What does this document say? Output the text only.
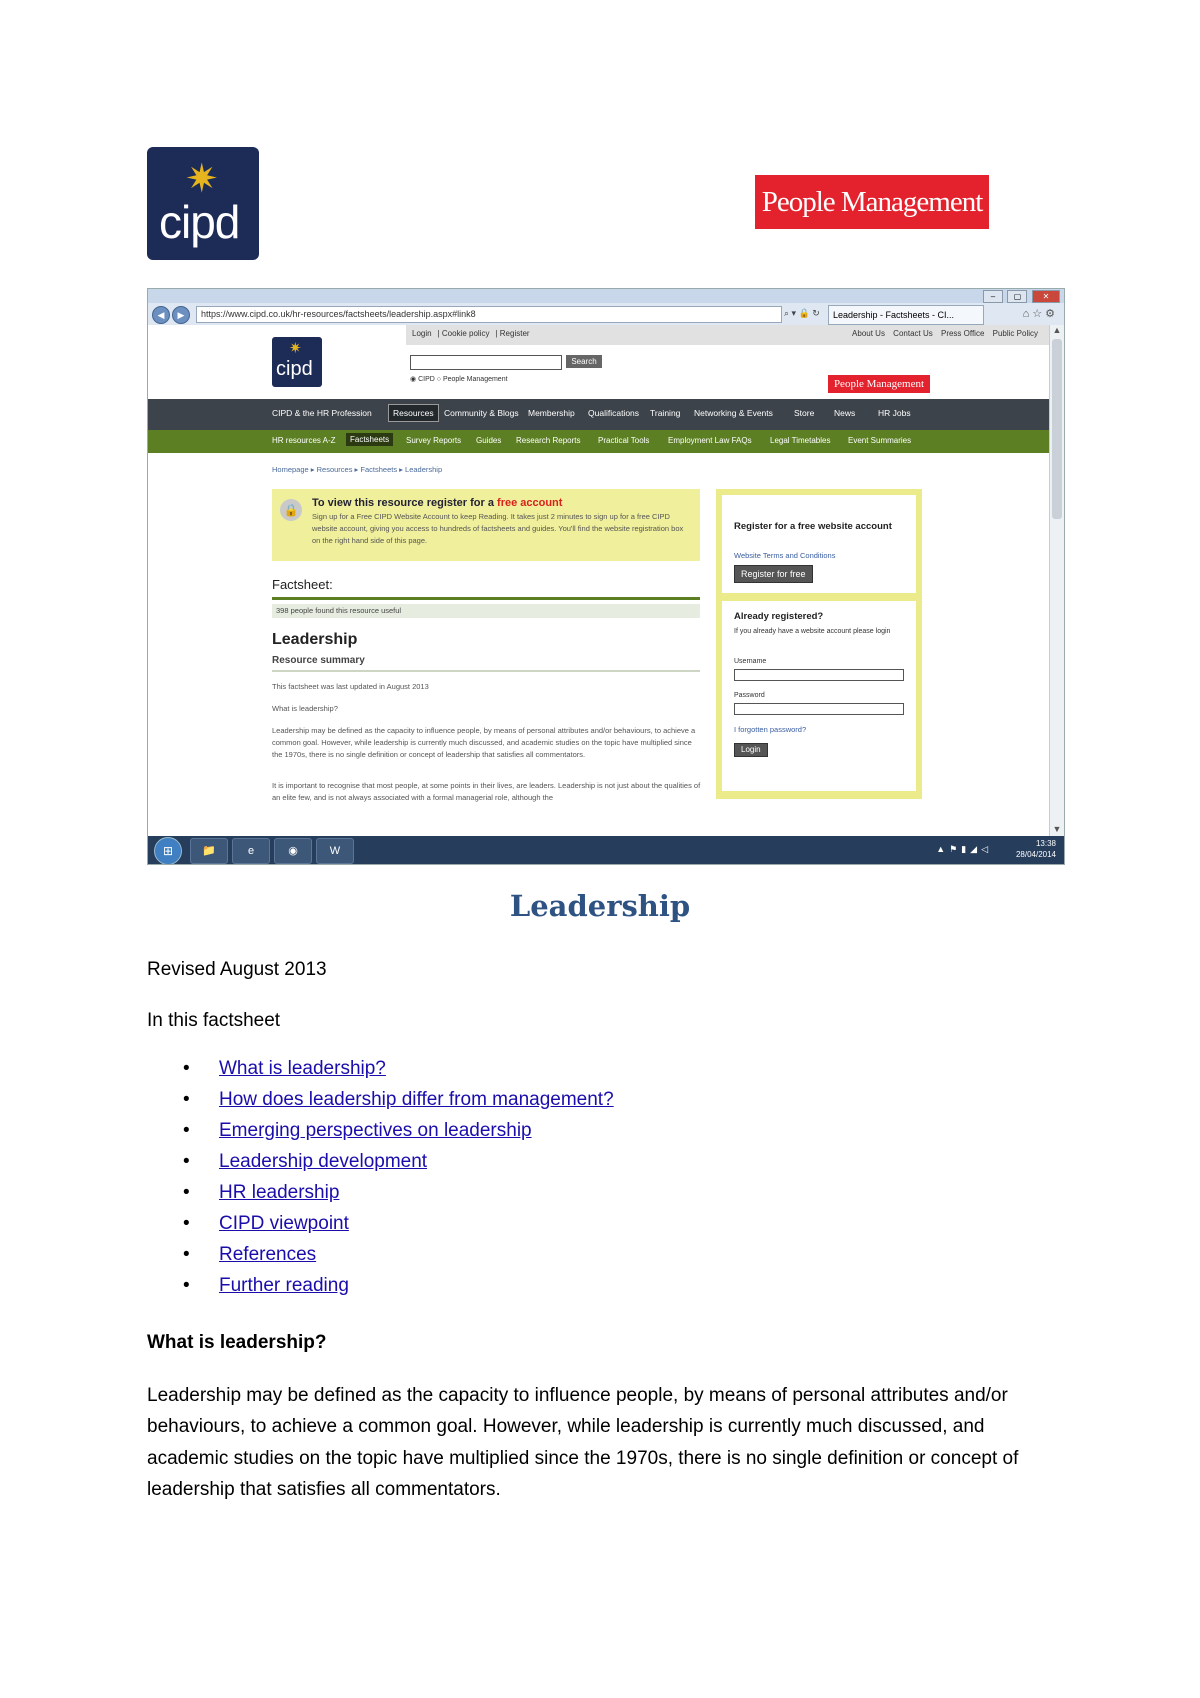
✷
cipd	People Management
– ▢	✕
◀	▶	https://www.cipd.co.uk/hr-resources/factsheets/leadership.aspx#link8	⌕ ▾ 🔒 ↻	Leadership - Factsheets - CI...	⌂☆⚙
Login | Cookie policy | Register	About Us Contact Us Press Office Public Policy
✷
cipd	Search
◉ CIPD ○ People Management	People Management
CIPD & the HR Profession	Resources	Community & Blogs Membership Qualifications Training Networking & Events Store News	HR Jobs
HR resources A-Z	Factsheets	Survey Reports Guides Research Reports Practical Tools Employment Law FAQs Legal Timetables Event Summaries
Homepage ▸ Resources ▸ Factsheets ▸ Leadership
🔒	To view this resource register for a free account
Sign up for a Free CIPD Website Account to keep Reading. It takes just 2 minutes to sign up for a free CIPD website account, giving you access to hundreds of factsheets and guides. You'll find the website registration box on the right hand side of this page.
Factsheet:
398 people found this resource useful
Leadership
Resource summary
This factsheet was last updated in August 2013
What is leadership?
Leadership may be defined as the capacity to influence people, by means of personal attributes and/or behaviours, to achieve a common goal. However, while leadership is currently much discussed, and academic studies on the topic have multiplied since the 1970s, there is no single definition or concept of leadership that satisfies all commentators.
It is important to recognise that most people, at some points in their lives, are leaders. Leadership is not just about the qualities of an elite few, and is not always associated with a formal managerial role, although the
Register for a free website account
Website Terms and Conditions
Register for free
Already registered?
If you already have a website account please login
Username
Password
I forgotten password?
Login
▲
▼
⊞	📁	e	◉	W	▲⚑▮◢◁
13:38
28/04/2014
Leadership
Revised August 2013
In this factsheet
• What is leadership?
• How does leadership differ from management?
• Emerging perspectives on leadership
• Leadership development
• HR leadership
• CIPD viewpoint
• References
• Further reading
What is leadership?
Leadership may be defined as the capacity to influence people, by means of personal attributes and/or behaviours, to achieve a common goal. However, while leadership is currently much discussed, and academic studies on the topic have multiplied since the 1970s, there is no single definition or concept of leadership that satisfies all commentators.
